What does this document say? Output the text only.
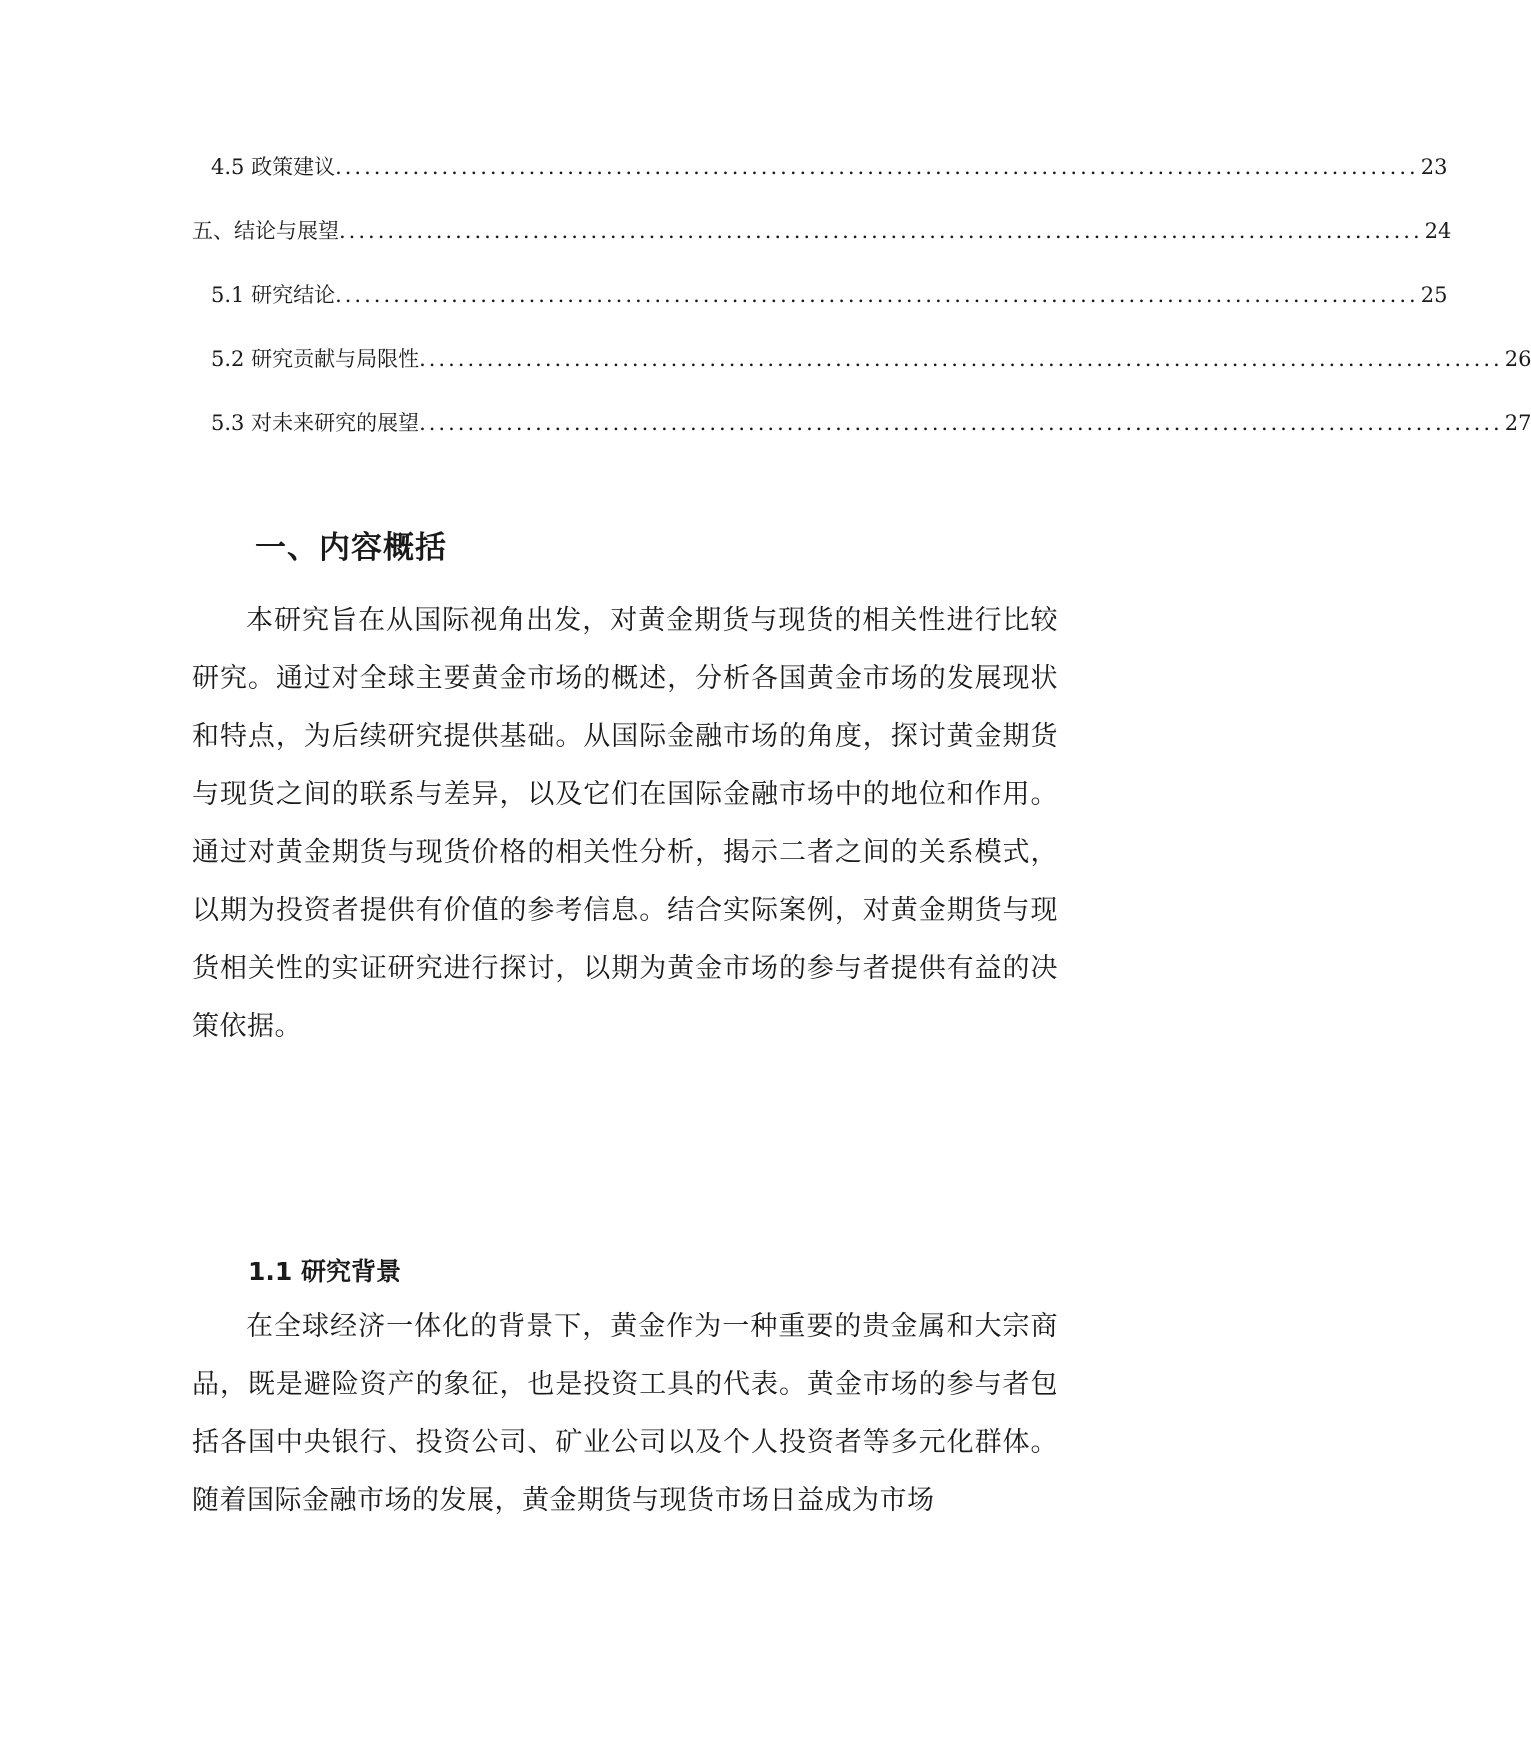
4.5 政策建议 ................................................................................................................ 23
五、结论与展望 ................................................................................................................ 24
5.1 研究结论 ................................................................................................................ 25
5.2 研究贡献与局限性 ................................................................................................................ 26
5.3 对未来研究的展望 ................................................................................................................ 27
一、内容概括

本研究旨在从国际视角出发，对黄金期货与现货的相关性进行比较研究。通过对全球主要黄金市场的概述，分析各国黄金市场的发展现状和特点，为后续研究提供基础。从国际金融市场的角度，探讨黄金期货与现货之间的联系与差异，以及它们在国际金融市场中的地位和作用。通过对黄金期货与现货价格的相关性分析，揭示二者之间的关系模式，以期为投资者提供有价值的参考信息。结合实际案例，对黄金期货与现货相关性的实证研究进行探讨，以期为黄金市场的参与者提供有益的决策依据。

1.1 研究背景

在全球经济一体化的背景下，黄金作为一种重要的贵金属和大宗商品，既是避险资产的象征，也是投资工具的代表。黄金市场的参与者包括各国中央银行、投资公司、矿业公司以及个人投资者等多元化群体。随着国际金融市场的发展，黄金期货与现货市场日益成为市场
